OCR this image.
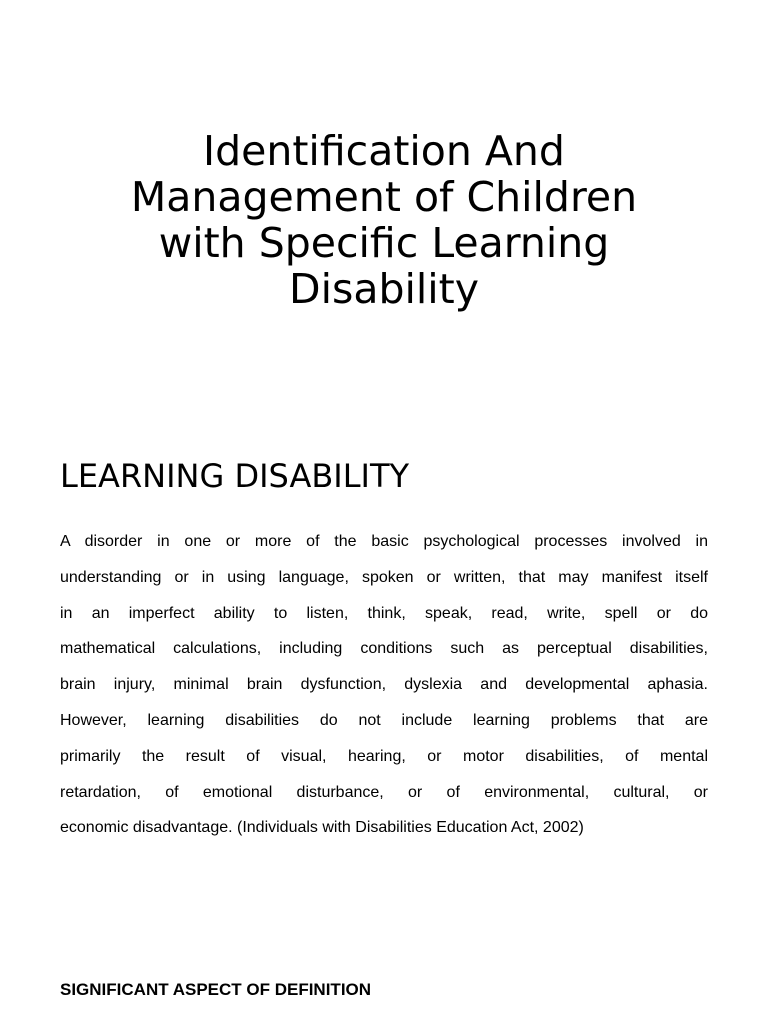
Identification And
Management of Children
with Specific Learning
Disability
LEARNING DISABILITY
A disorder in one or more of the basic psychological processes involved in
understanding or in using language, spoken or written, that may manifest itself
in an imperfect ability to listen, think, speak, read, write, spell or do
mathematical calculations, including conditions such as perceptual disabilities,
brain injury, minimal brain dysfunction, dyslexia and developmental aphasia.
However, learning disabilities do not include learning problems that are
primarily the result of visual, hearing, or motor disabilities, of mental
retardation, of emotional disturbance, or of environmental, cultural, or
economic disadvantage. (Individuals with Disabilities Education Act, 2002)
SIGNIFICANT ASPECT OF DEFINITION
